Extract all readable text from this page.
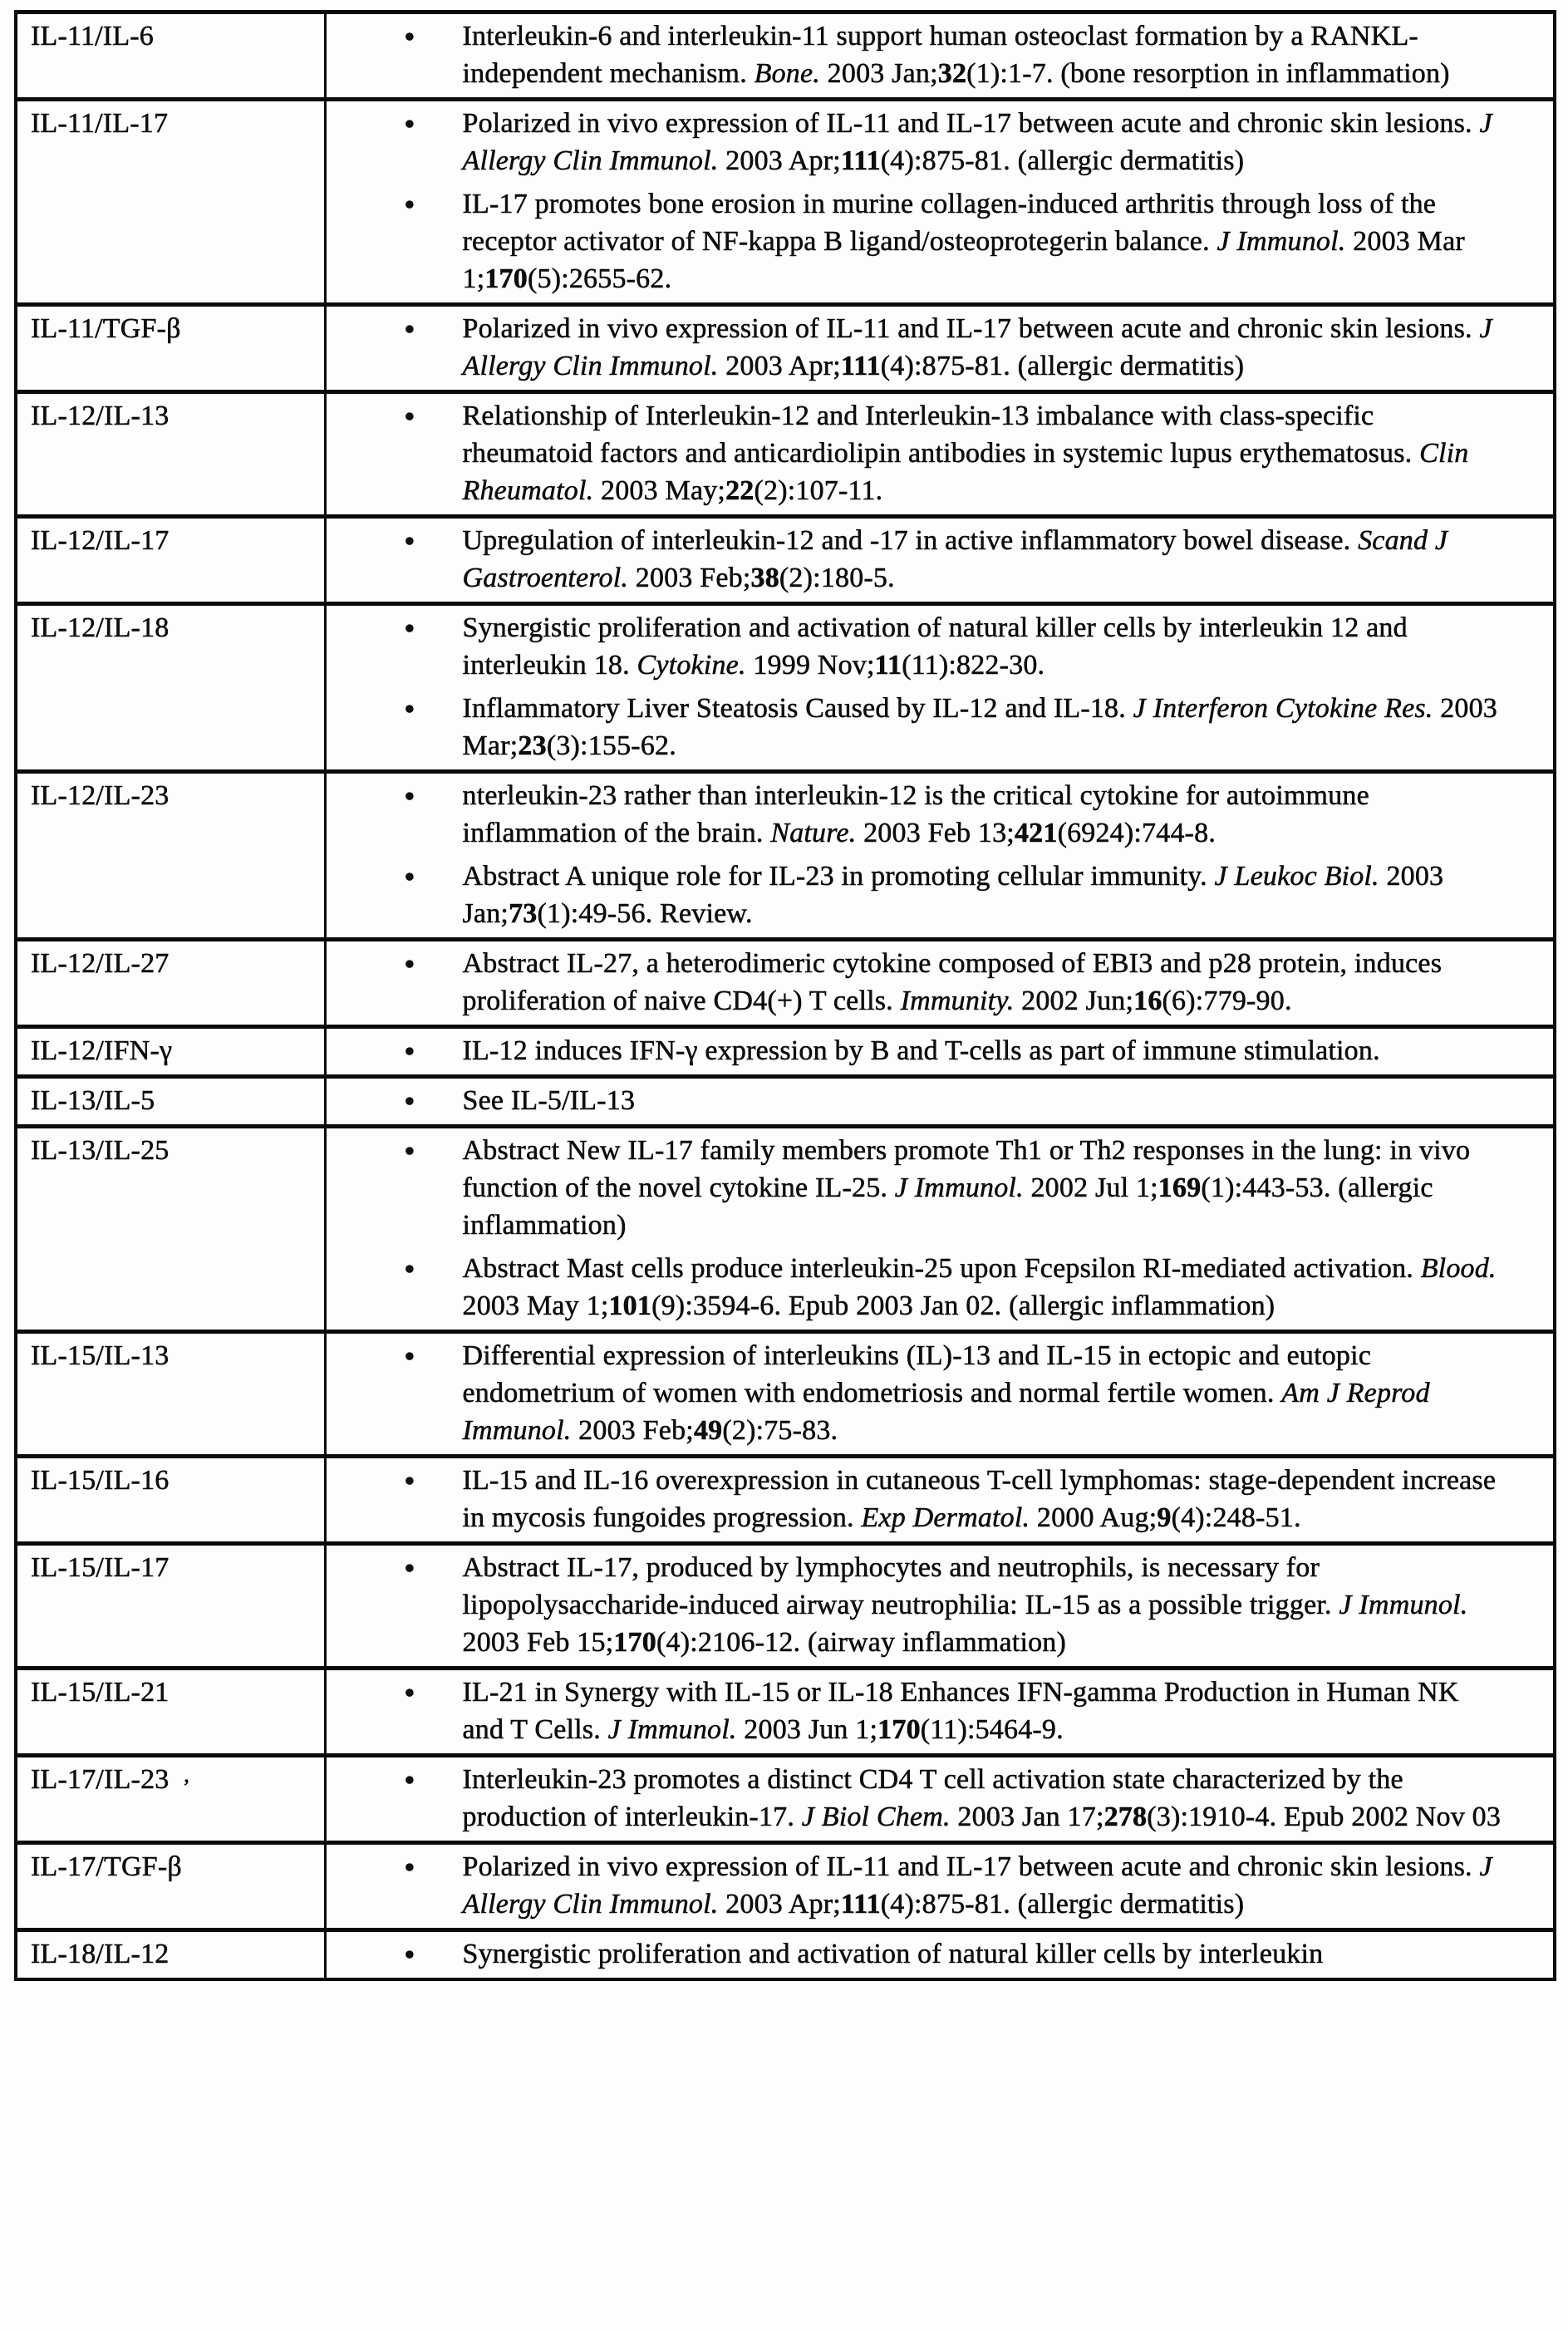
IL-11/IL-6	● Interleukin-6 and interleukin-11 support human osteoclast formation by a RANKL-independent mechanism. Bone. 2003 Jan;32(1):1-7. (bone resorption in inflammation)

IL-11/IL-17	● Polarized in vivo expression of IL-11 and IL-17 between acute and chronic skin lesions. J Allergy Clin Immunol. 2003 Apr;111(4):875-81. (allergic dermatitis)
● IL-17 promotes bone erosion in murine collagen-induced arthritis through loss of the receptor activator of NF-kappa B ligand/osteoprotegerin balance. J Immunol. 2003 Mar 1;170(5):2655-62.

IL-11/TGF-β	● Polarized in vivo expression of IL-11 and IL-17 between acute and chronic skin lesions. J Allergy Clin Immunol. 2003 Apr;111(4):875-81. (allergic dermatitis)

IL-12/IL-13	● Relationship of Interleukin-12 and Interleukin-13 imbalance with class-specific rheumatoid factors and anticardiolipin antibodies in systemic lupus erythematosus. Clin Rheumatol. 2003 May;22(2):107-11.

IL-12/IL-17	● Upregulation of interleukin-12 and -17 in active inflammatory bowel disease. Scand J Gastroenterol. 2003 Feb;38(2):180-5.

IL-12/IL-18	● Synergistic proliferation and activation of natural killer cells by interleukin 12 and interleukin 18. Cytokine. 1999 Nov;11(11):822-30.
● Inflammatory Liver Steatosis Caused by IL-12 and IL-18. J Interferon Cytokine Res. 2003 Mar;23(3):155-62.

IL-12/IL-23	● nterleukin-23 rather than interleukin-12 is the critical cytokine for autoimmune inflammation of the brain. Nature. 2003 Feb 13;421(6924):744-8.
● Abstract A unique role for IL-23 in promoting cellular immunity. J Leukoc Biol. 2003 Jan;73(1):49-56. Review.

IL-12/IL-27	● Abstract IL-27, a heterodimeric cytokine composed of EBI3 and p28 protein, induces proliferation of naive CD4(+) T cells. Immunity. 2002 Jun;16(6):779-90.

IL-12/IFN-γ	● IL-12 induces IFN-γ expression by B and T-cells as part of immune stimulation.

IL-13/IL-5	● See IL-5/IL-13

IL-13/IL-25	● Abstract New IL-17 family members promote Th1 or Th2 responses in the lung: in vivo function of the novel cytokine IL-25. J Immunol. 2002 Jul 1;169(1):443-53. (allergic inflammation)
● Abstract Mast cells produce interleukin-25 upon Fcepsilon RI-mediated activation. Blood. 2003 May 1;101(9):3594-6. Epub 2003 Jan 02. (allergic inflammation)

IL-15/IL-13	● Differential expression of interleukins (IL)-13 and IL-15 in ectopic and eutopic endometrium of women with endometriosis and normal fertile women. Am J Reprod Immunol. 2003 Feb;49(2):75-83.

IL-15/IL-16	● IL-15 and IL-16 overexpression in cutaneous T-cell lymphomas: stage-dependent increase in mycosis fungoides progression. Exp Dermatol. 2000 Aug;9(4):248-51.

IL-15/IL-17	● Abstract IL-17, produced by lymphocytes and neutrophils, is necessary for lipopolysaccharide-induced airway neutrophilia: IL-15 as a possible trigger. J Immunol. 2003 Feb 15;170(4):2106-12. (airway inflammation)

IL-15/IL-21	● IL-21 in Synergy with IL-15 or IL-18 Enhances IFN-gamma Production in Human NK and T Cells. J Immunol. 2003 Jun 1;170(11):5464-9.

IL-17/IL-23	● Interleukin-23 promotes a distinct CD4 T cell activation state characterized by the production of interleukin-17. J Biol Chem. 2003 Jan 17;278(3):1910-4. Epub 2002 Nov 03

IL-17/TGF-β	● Polarized in vivo expression of IL-11 and IL-17 between acute and chronic skin lesions. J Allergy Clin Immunol. 2003 Apr;111(4):875-81. (allergic dermatitis)

IL-18/IL-12	● Synergistic proliferation and activation of natural killer cells by interleukin
ʼ
